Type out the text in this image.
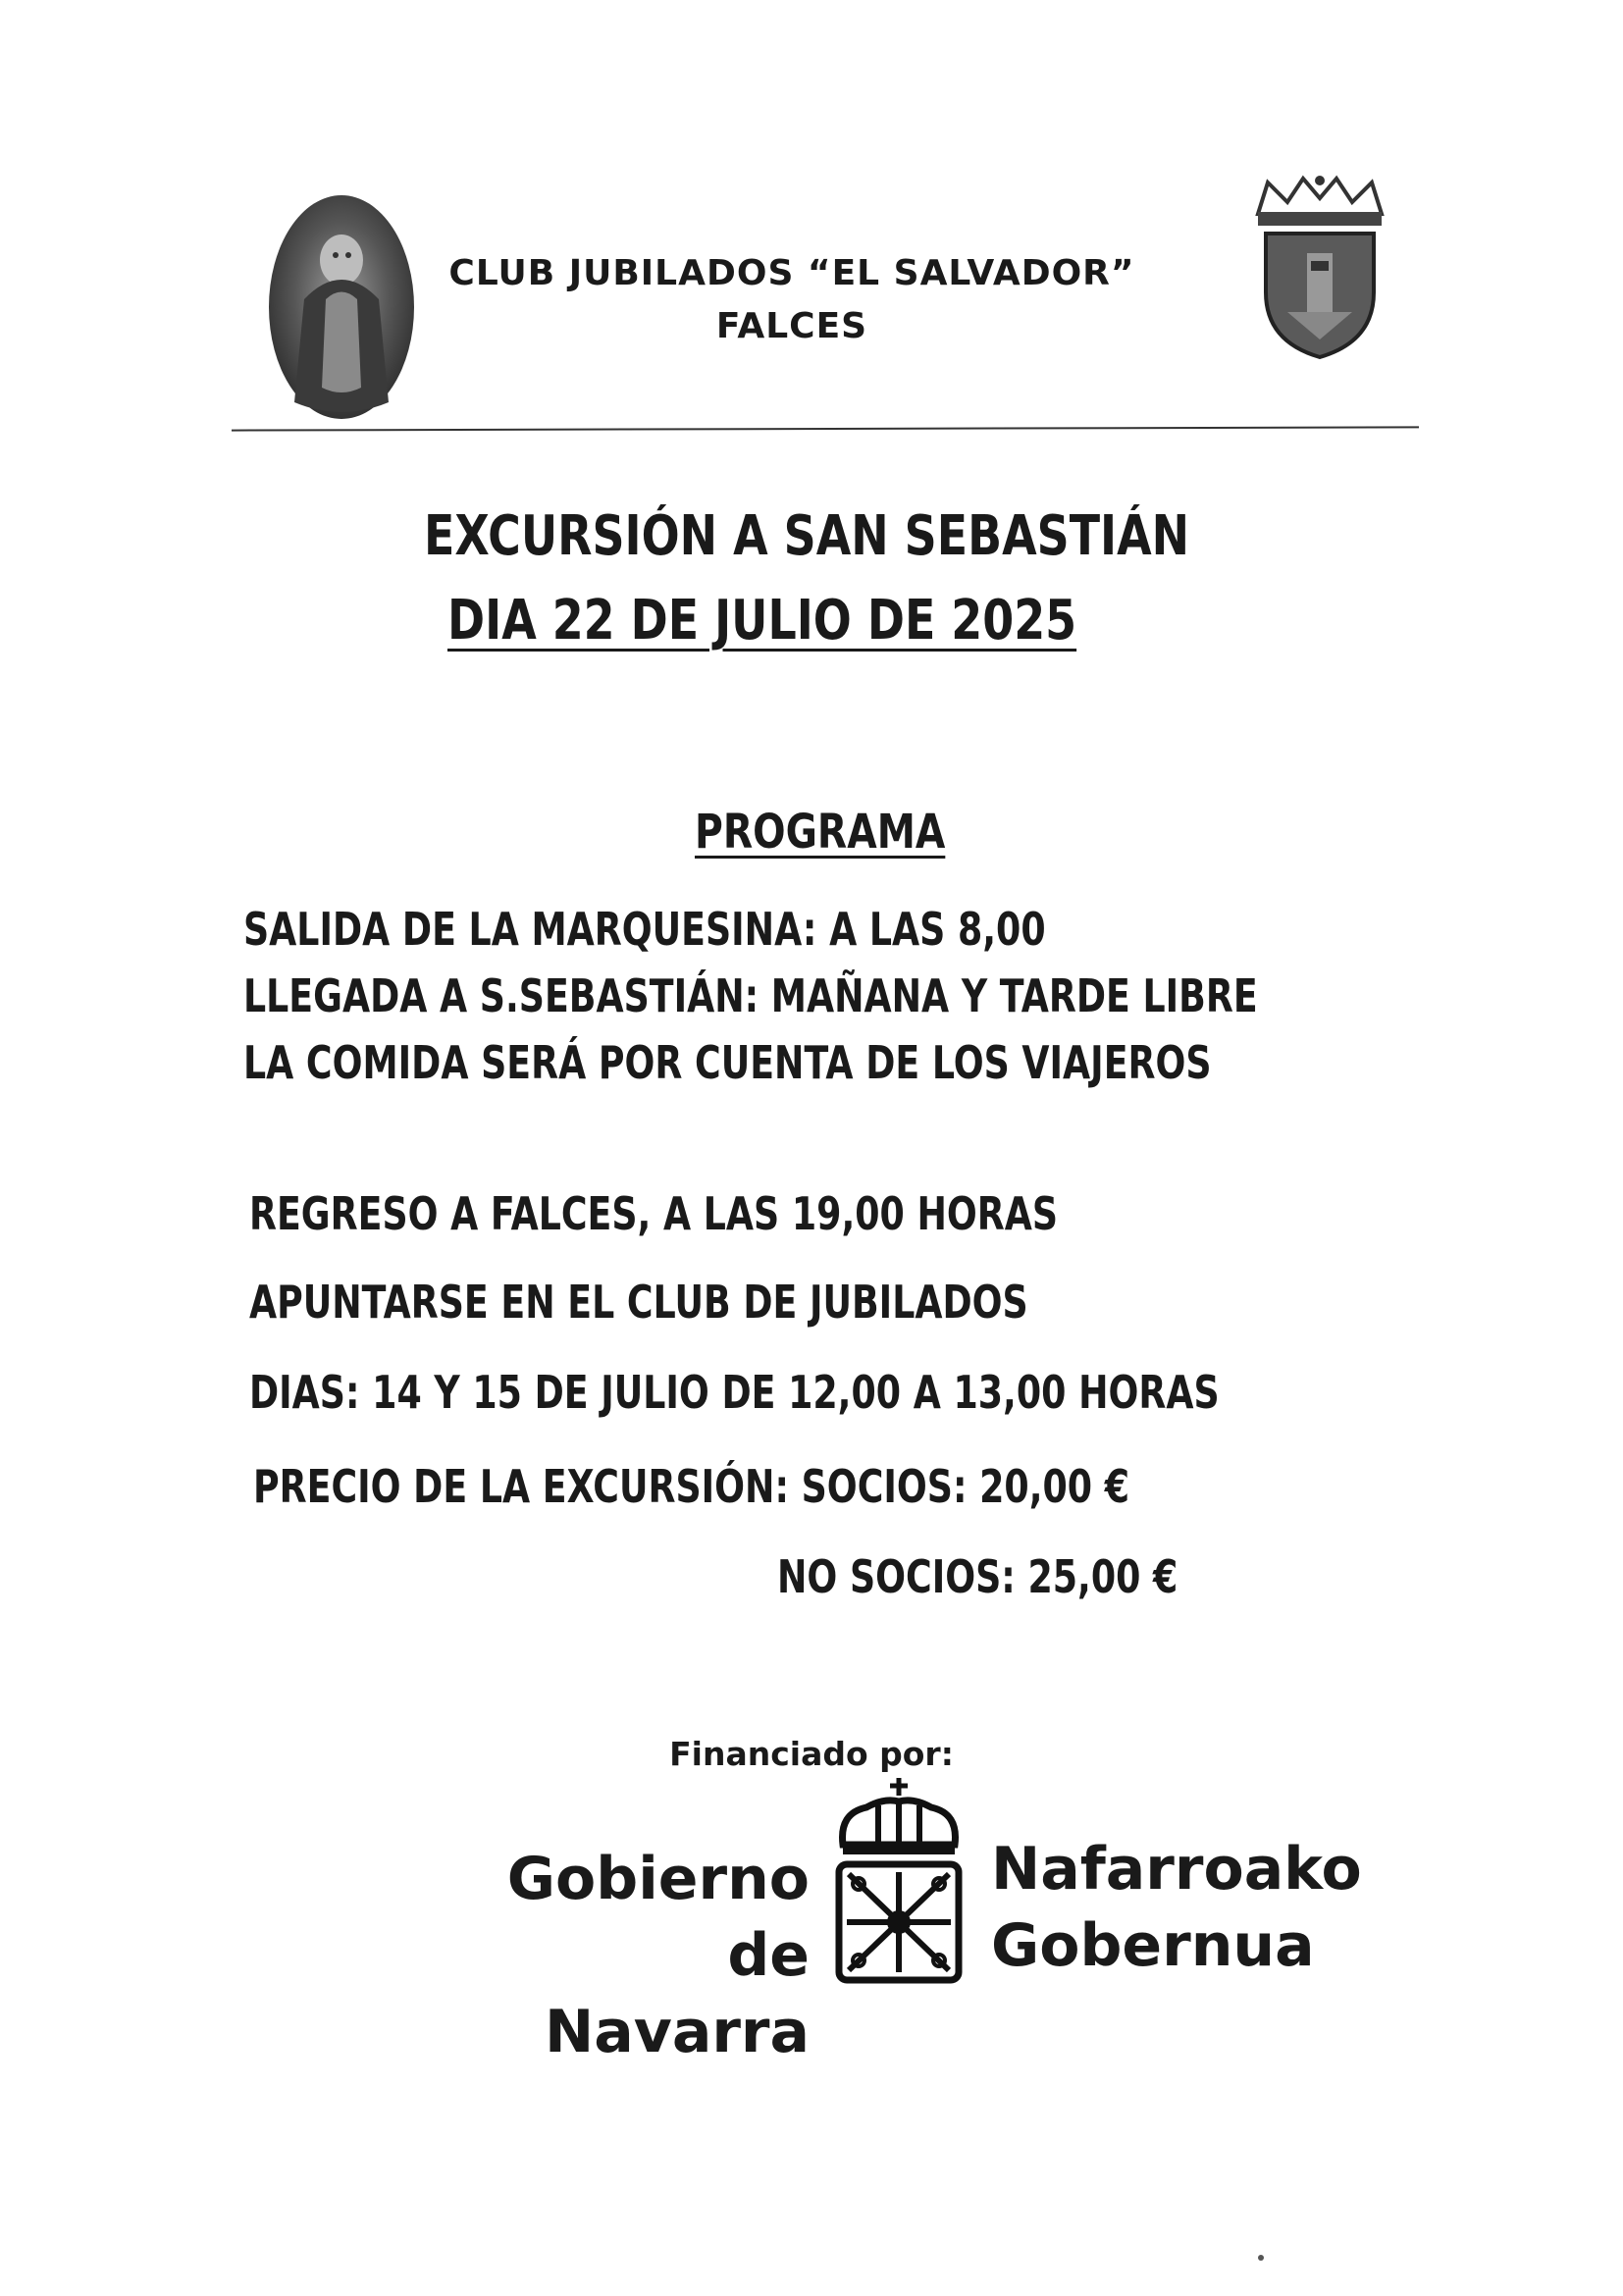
CLUB JUBILADOS “EL SALVADOR”
FALCES
EXCURSIÓN A SAN SEBASTIÁN
DIA 22 DE JULIO DE 2025
PROGRAMA
SALIDA DE LA MARQUESINA: A LAS 8,00
LLEGADA A S.SEBASTIÁN: MAÑANA Y TARDE LIBRE
LA COMIDA SERÁ POR CUENTA DE LOS VIAJEROS
REGRESO A FALCES, A LAS 19,00 HORAS
APUNTARSE EN EL CLUB DE JUBILADOS
DIAS: 14 Y 15 DE JULIO DE 12,00 A 13,00 HORAS
PRECIO DE LA EXCURSIÓN: SOCIOS: 20,00 €
NO SOCIOS: 25,00 €
Financiado por:
Gobierno
de Navarra
Nafarroako
Gobernua
